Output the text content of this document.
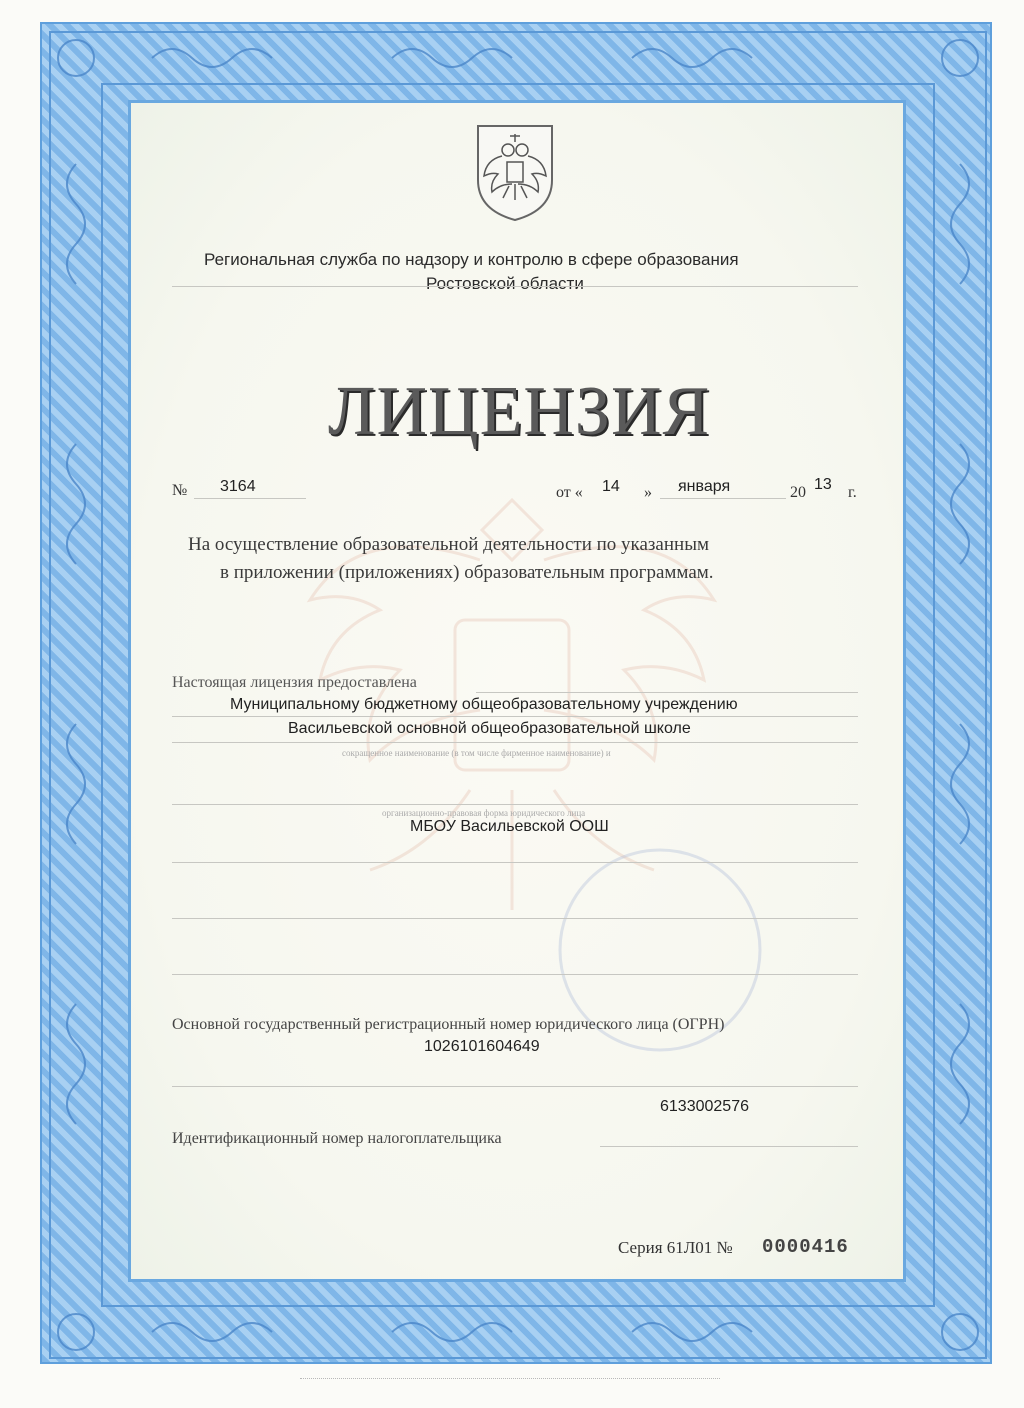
Региональная служба по надзору и контролю в сфере образования
Ростовской области
ЛИЦЕНЗИЯ
№ 3164	от « 14 » января	20 13 г.
На осуществление образовательной деятельности по указанным
в приложении (приложениях) образовательным программам.
Настоящая лицензия предоставлена
Муниципальному бюджетному общеобразовательному учреждению
Васильевской основной общеобразовательной школе
сокращенное наименование (в том числе фирменное наименование) и
организационно-правовая форма юридического лица
МБОУ Васильевской ООШ
Основной государственный регистрационный номер юридического лица (ОГРН)
1026101604649
6133002576
Идентификационный номер налогоплательщика
Серия 61Л01 № 0000416
